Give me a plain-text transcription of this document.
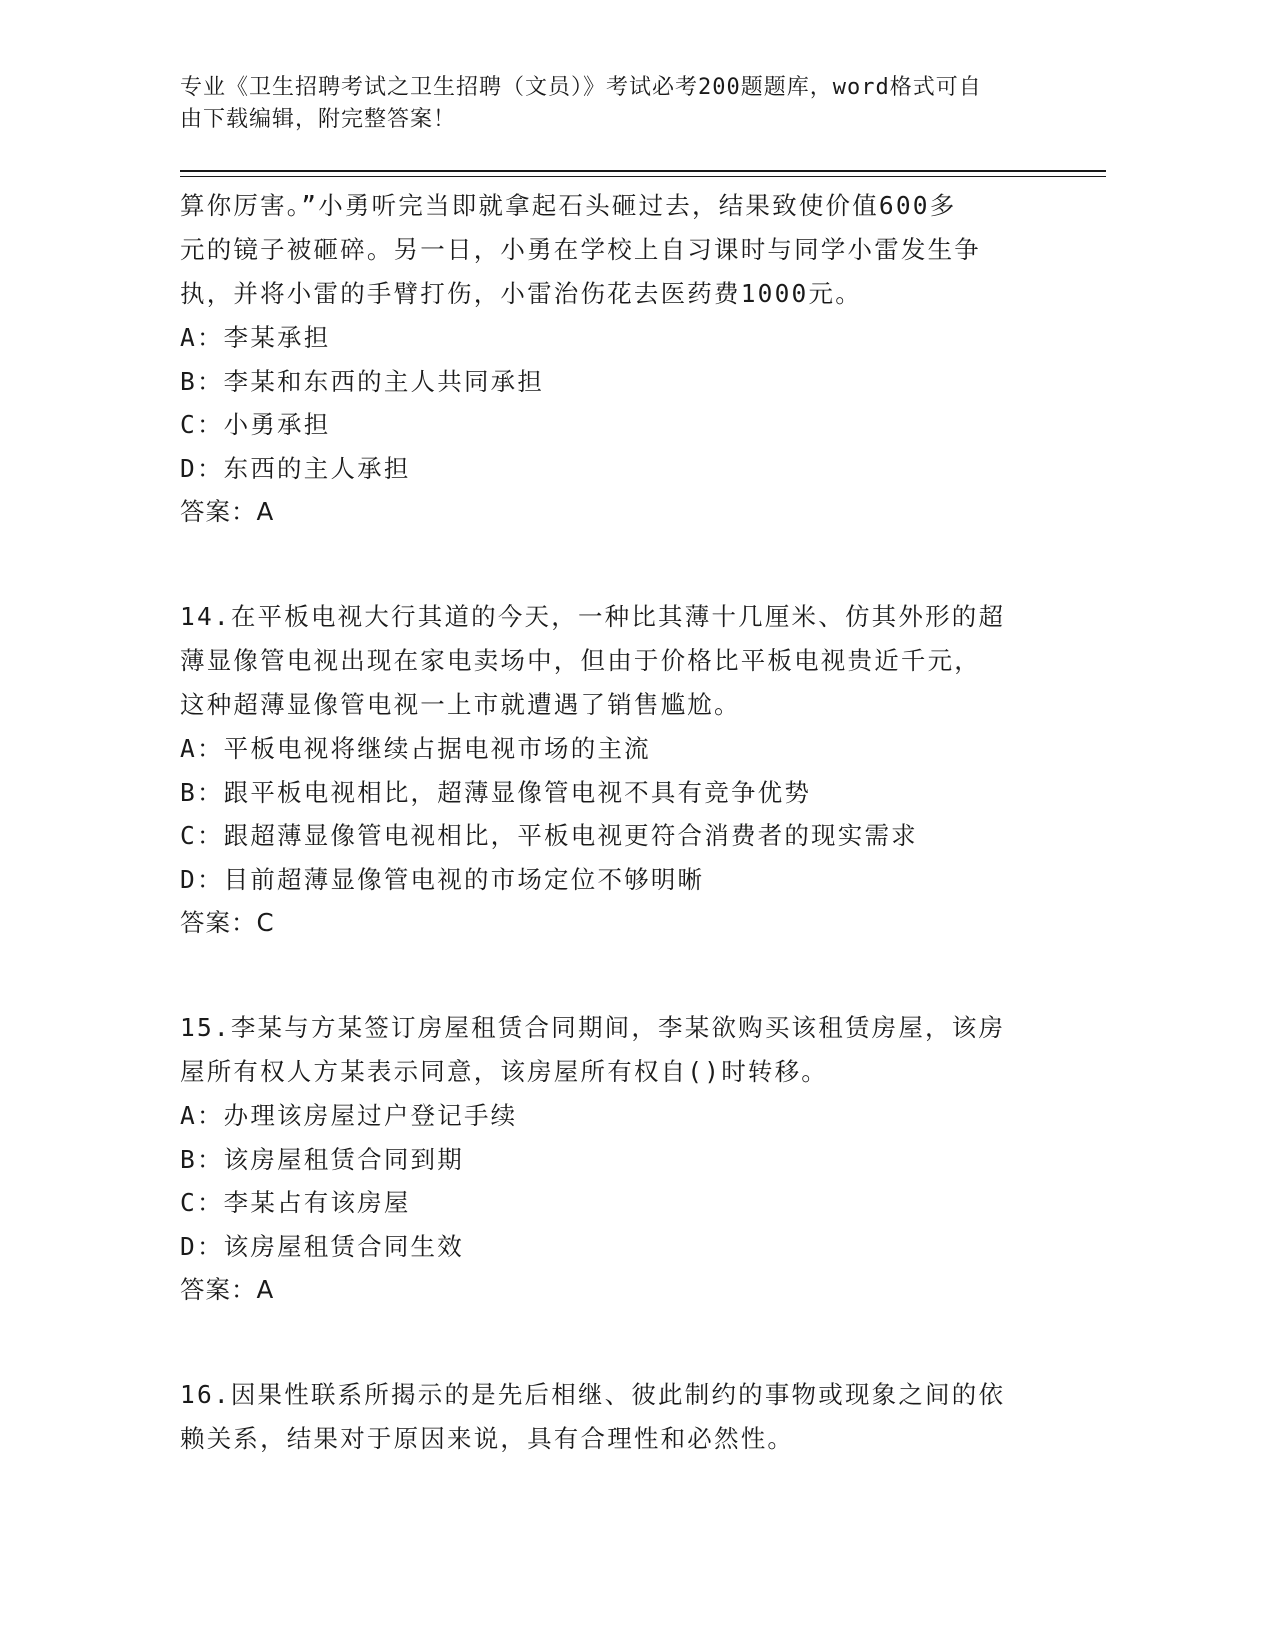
专业《卫生招聘考试之卫生招聘（文员）》考试必考200题题库，word格式可自
由下载编辑，附完整答案！

算你厉害。”小勇听完当即就拿起石头砸过去，结果致使价值600多

元的镜子被砸碎。另一日，小勇在学校上自习课时与同学小雷发生争

执，并将小雷的手臂打伤，小雷治伤花去医药费1000元。

A：李某承担

B：李某和东西的主人共同承担

C：小勇承担

D：东西的主人承担

答案：A

14.在平板电视大行其道的今天，一种比其薄十几厘米、仿其外形的超

薄显像管电视出现在家电卖场中，但由于价格比平板电视贵近千元，

这种超薄显像管电视一上市就遭遇了销售尴尬。

A：平板电视将继续占据电视市场的主流

B：跟平板电视相比，超薄显像管电视不具有竞争优势

C：跟超薄显像管电视相比，平板电视更符合消费者的现实需求

D：目前超薄显像管电视的市场定位不够明晰

答案：C

15.李某与方某签订房屋租赁合同期间，李某欲购买该租赁房屋，该房

屋所有权人方某表示同意，该房屋所有权自()时转移。

A：办理该房屋过户登记手续

B：该房屋租赁合同到期

C：李某占有该房屋

D：该房屋租赁合同生效

答案：A

16.因果性联系所揭示的是先后相继、彼此制约的事物或现象之间的依

赖关系，结果对于原因来说，具有合理性和必然性。
